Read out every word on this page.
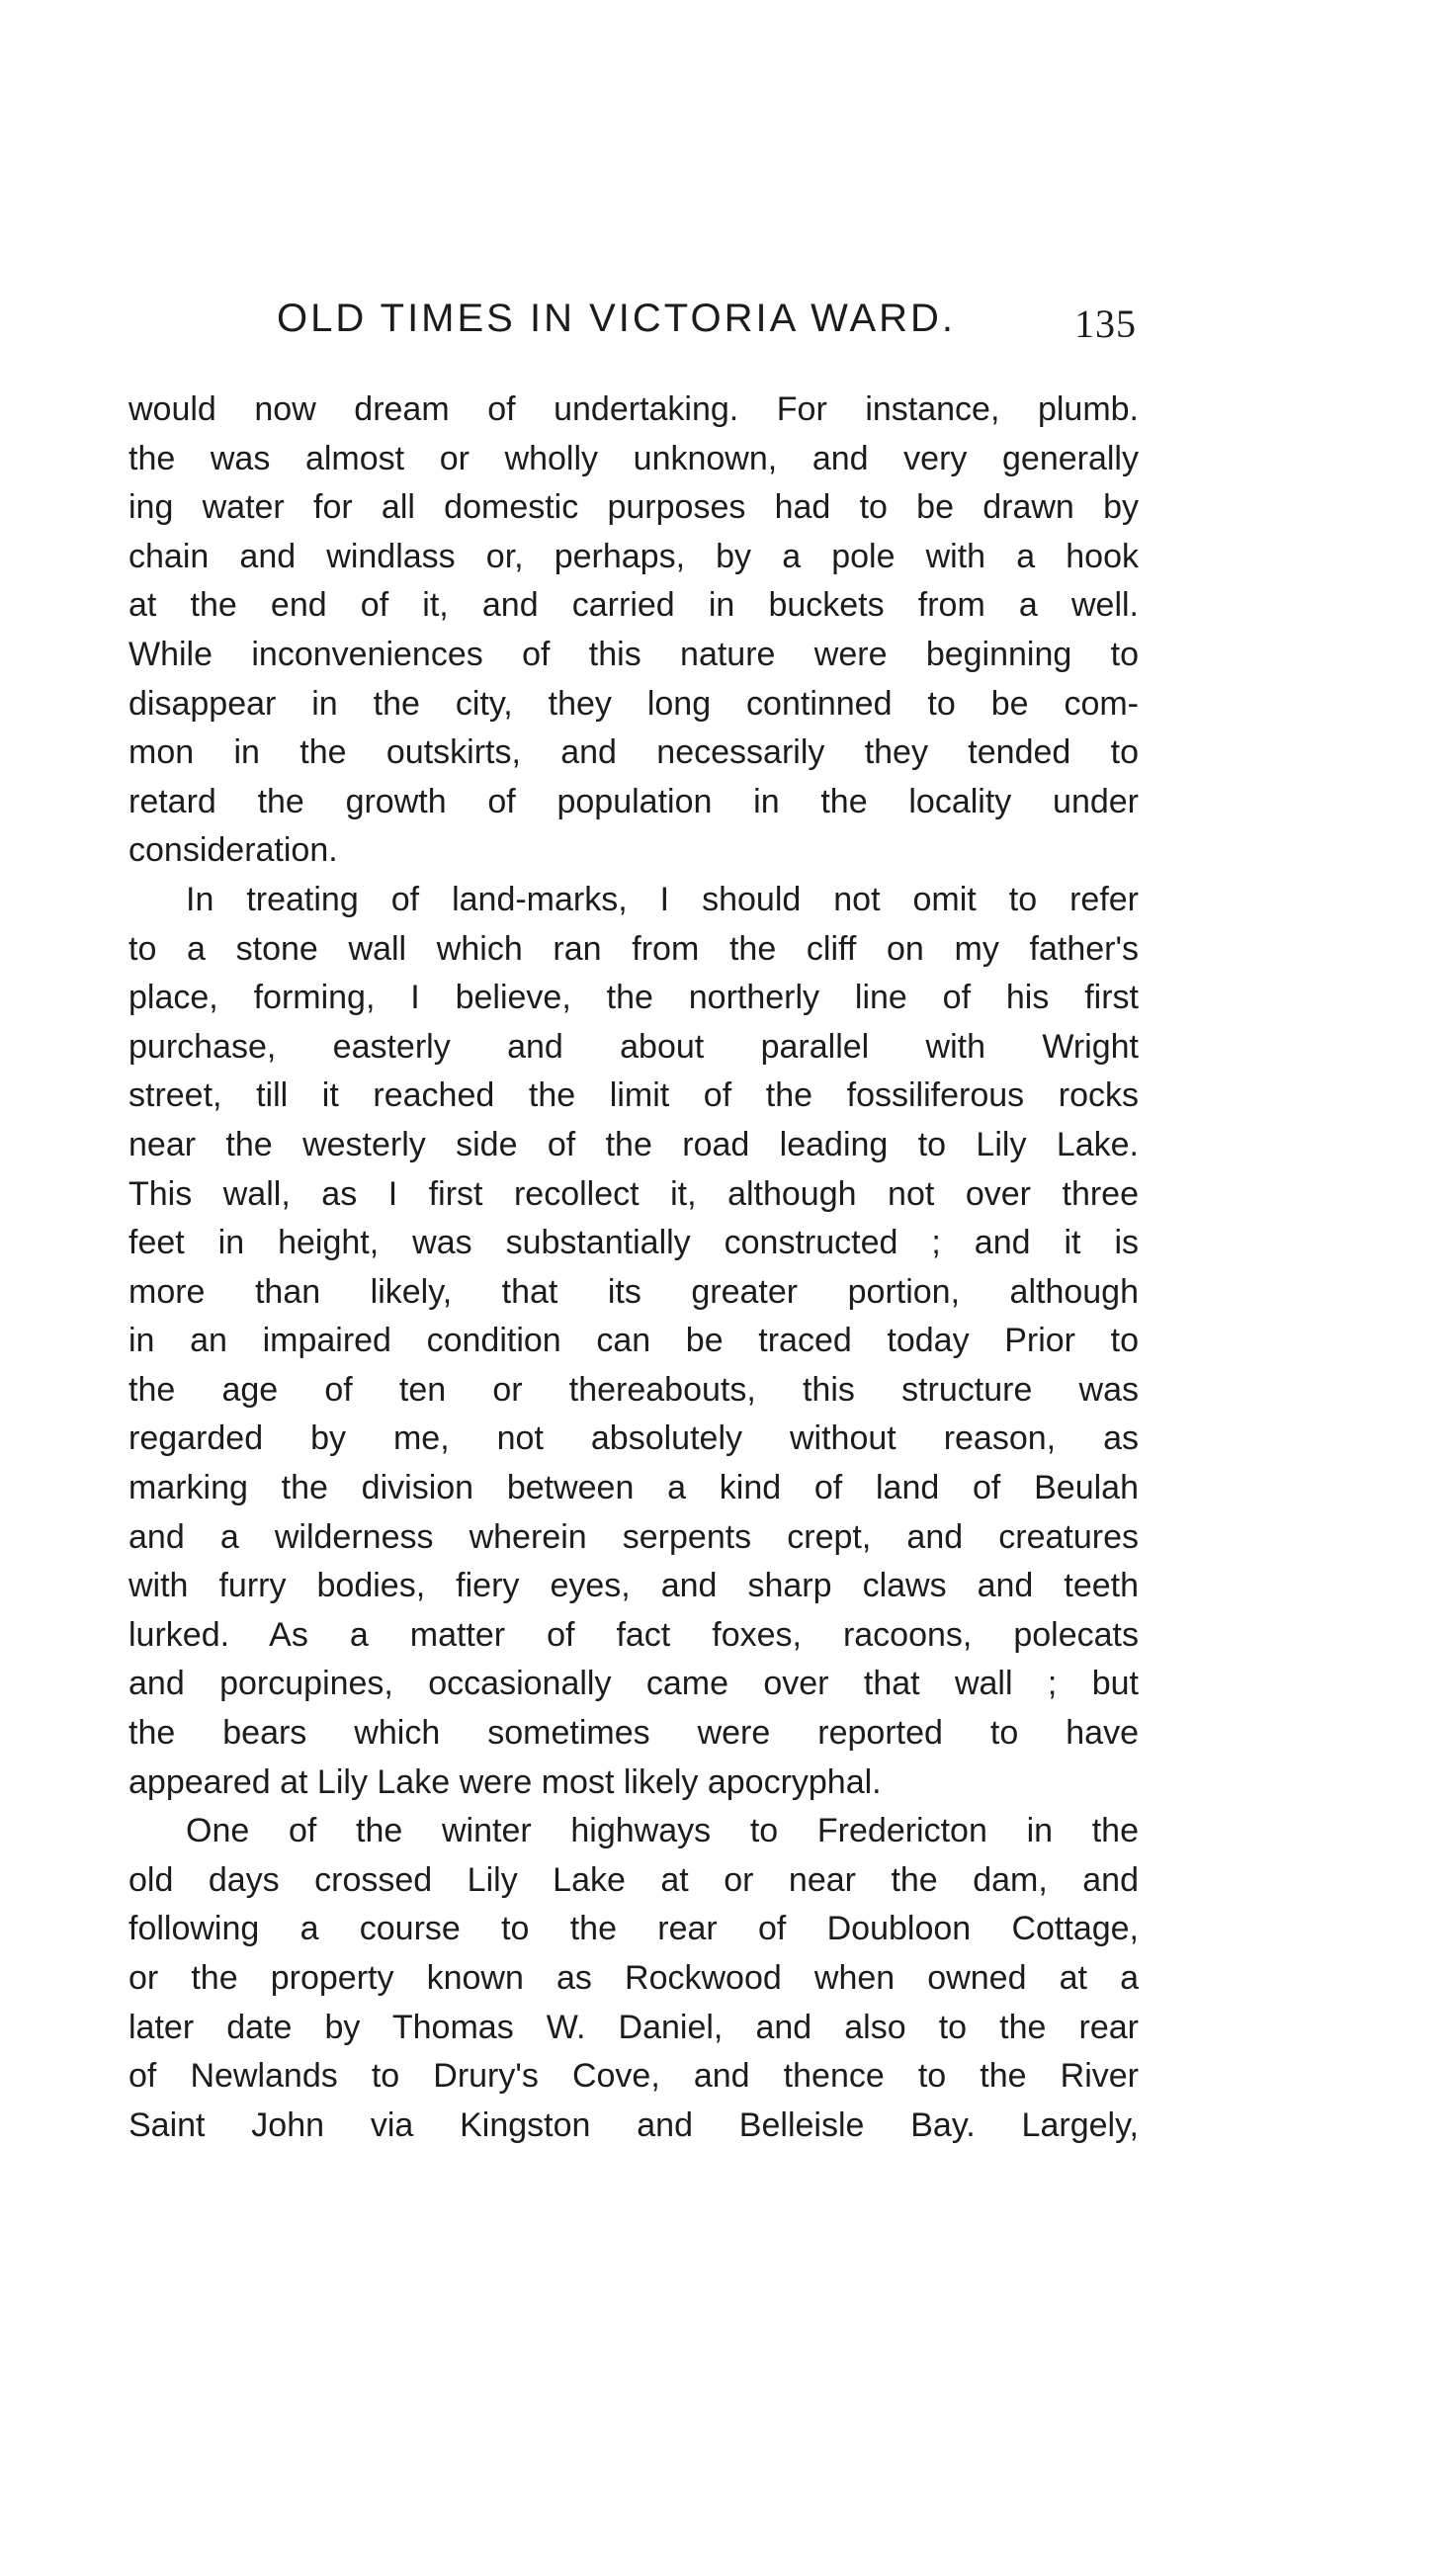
OLD TIMES IN VICTORIA WARD.	135
would now dream of undertaking. For instance, plumb.
the was almost or wholly unknown, and very generally
ing water for all domestic purposes had to be drawn by
chain and windlass or, perhaps, by a pole with a hook
at the end of it, and carried in buckets from a well.
While inconveniences of this nature were beginning to
disappear in the city, they long continned to be com-
mon in the outskirts, and necessarily they tended to
retard the growth of population in the locality under
consideration.
In treating of land-marks, I should not omit to refer
to a stone wall which ran from the cliff on my father's
place, forming, I believe, the northerly line of his first
purchase, easterly and about parallel with Wright
street, till it reached the limit of the fossiliferous rocks
near the westerly side of the road leading to Lily Lake.
This wall, as I first recollect it, although not over three
feet in height, was substantially constructed ; and it is
more than likely, that its greater portion, although
in an impaired condition can be traced today Prior to
the age of ten or thereabouts, this structure was
regarded by me, not absolutely without reason, as
marking the division between a kind of land of Beulah
and a wilderness wherein serpents crept, and creatures
with furry bodies, fiery eyes, and sharp claws and teeth
lurked. As a matter of fact foxes, racoons, polecats
and porcupines, occasionally came over that wall ; but
the bears which sometimes were reported to have
appeared at Lily Lake were most likely apocryphal.
One of the winter highways to Fredericton in the
old days crossed Lily Lake at or near the dam, and
following a course to the rear of Doubloon Cottage,
or the property known as Rockwood when owned at a
later date by Thomas W. Daniel, and also to the rear
of Newlands to Drury's Cove, and thence to the River
Saint John via Kingston and Belleisle Bay. Largely,
